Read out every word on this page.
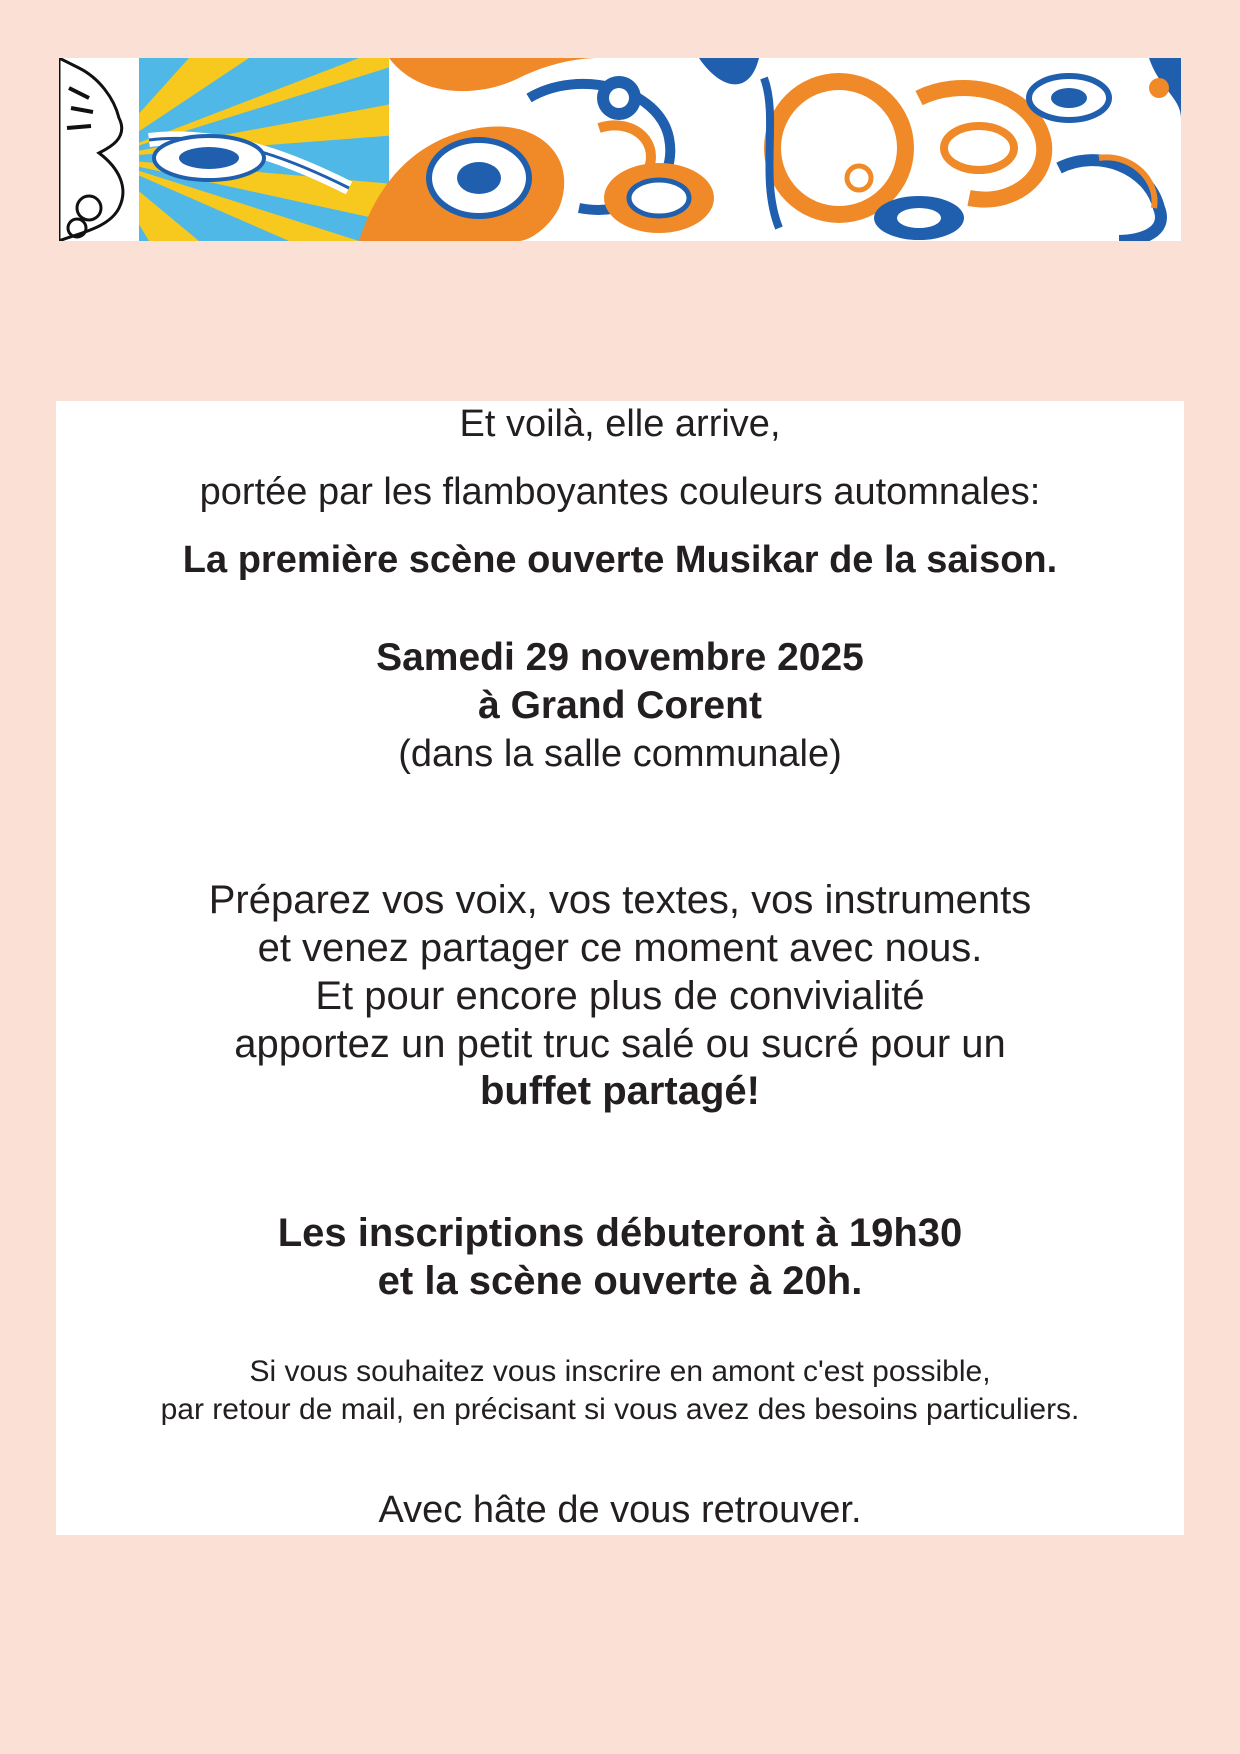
Et voilà, elle arrive,

portée par les flamboyantes couleurs automnales:

La première scène ouverte Musikar de la saison.

Samedi 29 novembre 2025

à Grand Corent

(dans la salle communale)

Préparez vos voix, vos textes, vos instruments

et venez partager ce moment avec nous.

Et pour encore plus de convivialité

apportez un petit truc salé ou sucré pour un

buffet partagé!

Les inscriptions débuteront à 19h30

et la scène ouverte à 20h.

Si vous souhaitez vous inscrire en amont c'est possible,

par retour de mail, en précisant si vous avez des besoins particuliers.

Avec hâte de vous retrouver.
